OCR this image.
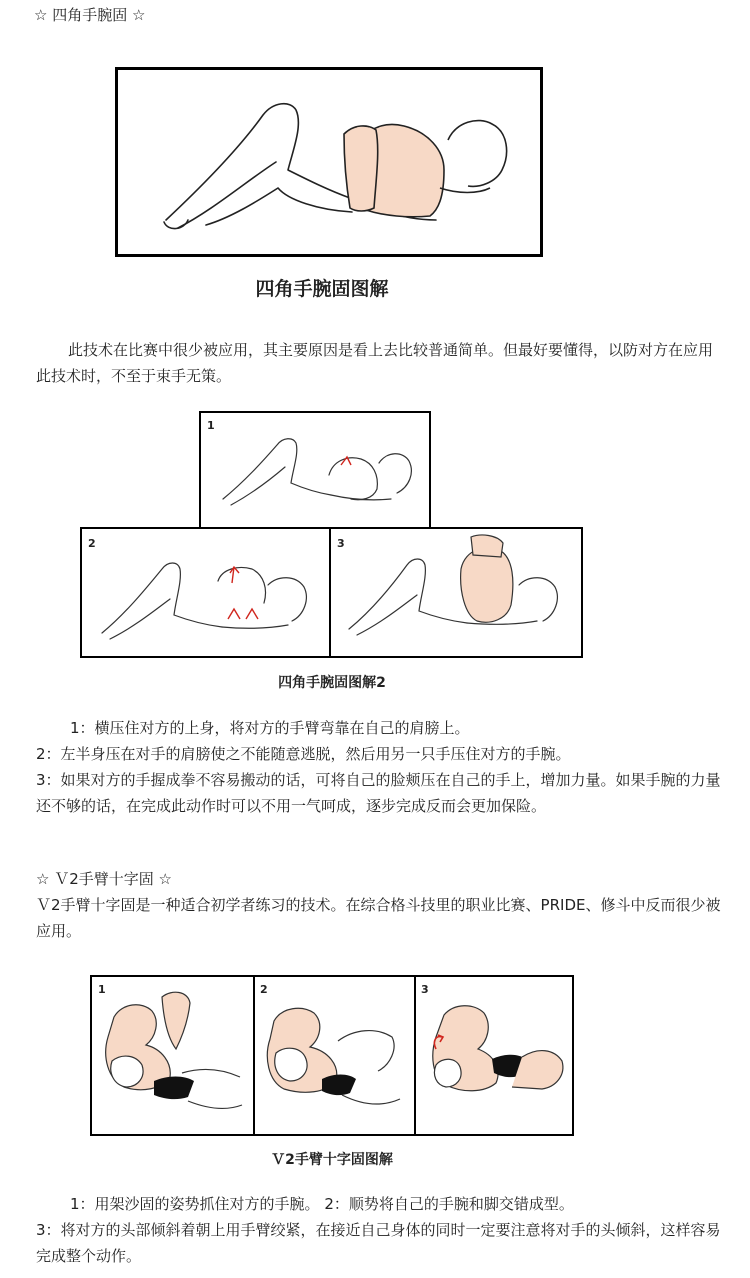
☆ 四角手腕固 ☆
四角手腕固图解
此技术在比赛中很少被应用，其主要原因是看上去比较普通简单。但最好要懂得，以防对方在应用此技术时，不至于束手无策。
1
2	3
四角手腕固图解2
1：横压住对方的上身，将对方的手臂弯靠在自己的肩膀上。
2：左半身压在对手的肩膀使之不能随意逃脱，然后用另一只手压住对方的手腕。
3：如果对方的手握成拳不容易搬动的话，可将自己的脸颊压在自己的手上，增加力量。如果手腕的力量还不够的话，在完成此动作时可以不用一气呵成，逐步完成反而会更加保险。
☆ Ｖ2手臂十字固 ☆
Ｖ2手臂十字固是一种适合初学者练习的技术。在综合格斗技里的职业比赛、PRIDE、修斗中反而很少被应用。
1	2	3
Ｖ2手臂十字固图解
1：用架沙固的姿势抓住对方的手腕。 2：顺势将自己的手腕和脚交错成型。
3：将对方的头部倾斜着朝上用手臂绞紧，在接近自己身体的同时一定要注意将对手的头倾斜，这样容易完成整个动作。
